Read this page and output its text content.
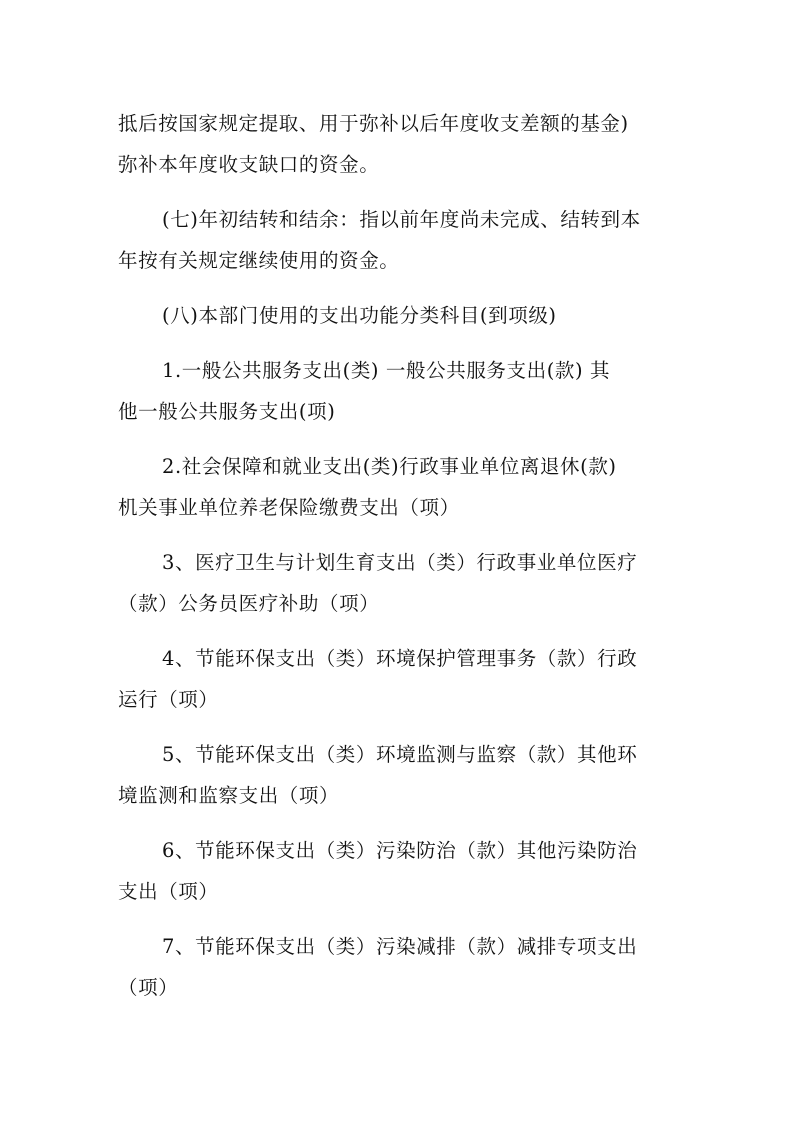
抵后按国家规定提取、用于弥补以后年度收支差额的基金)
弥补本年度收支缺口的资金。

(七)年初结转和结余：指以前年度尚未完成、结转到本
年按有关规定继续使用的资金。

(八)本部门使用的支出功能分类科目(到项级)

1.一般公共服务支出(类) 一般公共服务支出(款) 其
他一般公共服务支出(项)

2.社会保障和就业支出(类)行政事业单位离退休(款)
机关事业单位养老保险缴费支出（项）

3、医疗卫生与计划生育支出（类）行政事业单位医疗
（款）公务员医疗补助（项）

4、节能环保支出（类）环境保护管理事务（款）行政
运行（项）

5、节能环保支出（类）环境监测与监察（款）其他环
境监测和监察支出（项）

6、节能环保支出（类）污染防治（款）其他污染防治
支出（项）

7、节能环保支出（类）污染减排（款）减排专项支出
（项）
